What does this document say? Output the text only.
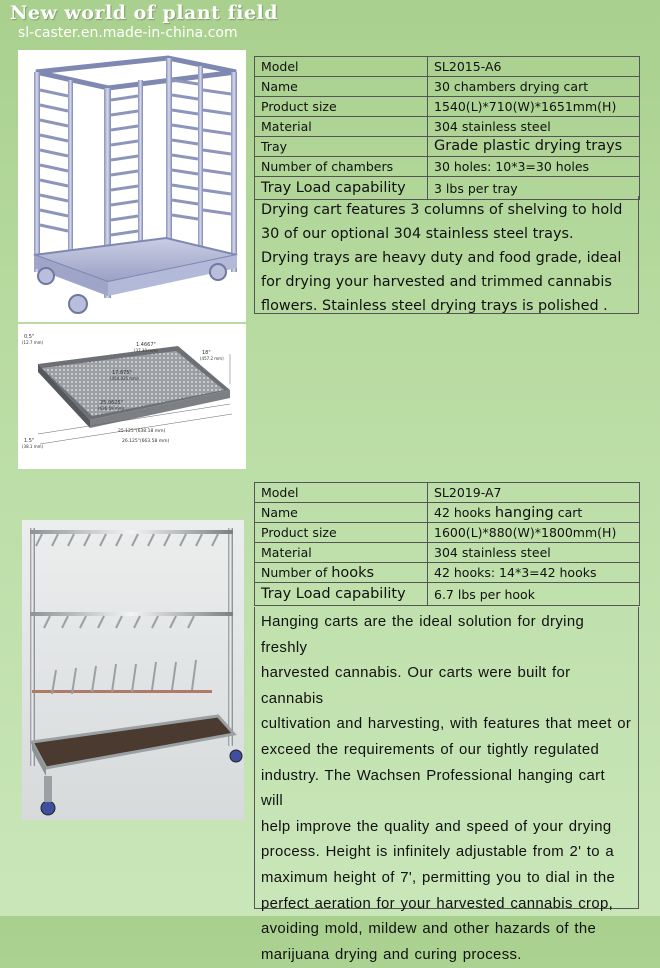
New world of plant field
sl-caster.en.made-in-china.com
Model	SL2015-A6
Name	30 chambers drying cart
Product size	1540(L)*710(W)*1651mm(H)
Material	304 stainless steel
Tray	Grade plastic drying trays
Number of chambers	30 holes: 10*3=30 holes
Tray Load capability	3 lbs per tray

Drying cart features 3 columns of shelving to hold

30 of our optional 304 stainless steel trays.

Drying trays are heavy duty and food grade, ideal

for drying your harvested and trimmed cannabis

flowers. Stainless steel drying trays is polished .

0.5"
(12.7 mm)	1.4667"
(37.30 mm)	18"
(457.2 mm)
17.875"
(454.025 mm)
25.0625"
(636.59 mm)
1.5"
(38.1 mm)
25.125"(638.18 mm)
26.125"(663.58 mm)
Model	SL2019-A7
Name	42 hooks hanging cart
Product size	1600(L)*880(W)*1800mm(H)
Material	304 stainless steel
Number of hooks	42 hooks: 14*3=42 hooks
Tray Load capability	6.7 lbs per hook

Hanging carts are the ideal solution for drying freshly

harvested cannabis. Our carts were built for cannabis

cultivation and harvesting, with features that meet or

exceed the requirements of our tightly regulated

industry. The Wachsen Professional hanging cart will

help improve the quality and speed of your drying

process. Height is infinitely adjustable from 2' to a

maximum height of 7', permitting you to dial in the

perfect aeration for your harvested cannabis crop,

avoiding mold, mildew and other hazards of the

marijuana drying and curing process.
